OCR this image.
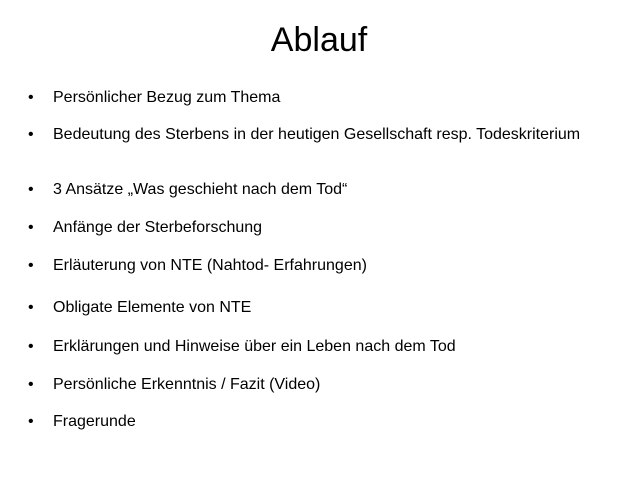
Ablauf
•	Persönlicher Bezug zum Thema
•	Bedeutung des Sterbens in der heutigen Gesellschaft resp. Todeskriterium
•	3 Ansätze „Was geschieht nach dem Tod“
•	Anfänge der Sterbeforschung
•	Erläuterung von NTE (Nahtod- Erfahrungen)
•	Obligate Elemente von NTE
•	Erklärungen und Hinweise über ein Leben nach dem Tod
•	Persönliche Erkenntnis / Fazit (Video)
•	Fragerunde
